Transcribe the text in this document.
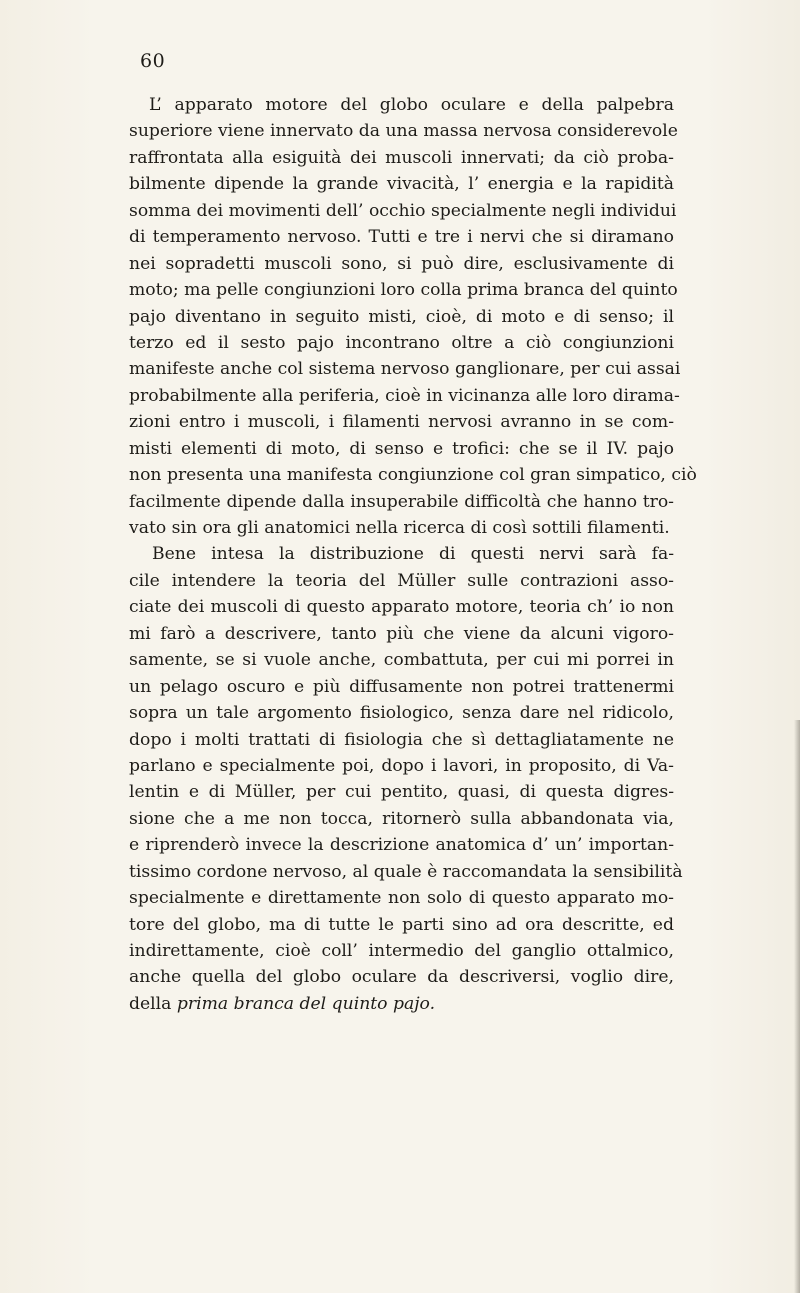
60
L’ apparato motore del globo oculare e della palpebra
superiore viene innervato da una massa nervosa considerevole
raffrontata alla esiguità dei muscoli innervati; da ciò proba-
bilmente dipende la grande vivacità, l’ energia e la rapidità
somma dei movimenti dell’ occhio specialmente negli individui
di temperamento nervoso. Tutti e tre i nervi che si diramano
nei sopradetti muscoli sono, si può dire, esclusivamente di
moto; ma pelle congiunzioni loro colla prima branca del quinto
pajo diventano in seguito misti, cioè, di moto e di senso; il
terzo ed il sesto pajo incontrano oltre a ciò congiunzioni
manifeste anche col sistema nervoso ganglionare, per cui assai
probabilmente alla periferia, cioè in vicinanza alle loro dirama-
zioni entro i muscoli, i filamenti nervosi avranno in se com-
misti elementi di moto, di senso e trofici: che se il IV. pajo
non presenta una manifesta congiunzione col gran simpatico, ciò
facilmente dipende dalla insuperabile difficoltà che hanno tro-
vato sin ora gli anatomici nella ricerca di così sottili filamenti.
Bene intesa la distribuzione di questi nervi sarà fa-
cile intendere la teoria del Müller sulle contrazioni asso-
ciate dei muscoli di questo apparato motore, teoria ch’ io non
mi farò a descrivere, tanto più che viene da alcuni vigoro-
samente, se si vuole anche, combattuta, per cui mi porrei in
un pelago oscuro e più diffusamente non potrei trattenermi
sopra un tale argomento fisiologico, senza dare nel ridicolo,
dopo i molti trattati di fisiologia che sì dettagliatamente ne
parlano e specialmente poi, dopo i lavori, in proposito, di Va-
lentin e di Müller, per cui pentito, quasi, di questa digres-
sione che a me non tocca, ritornerò sulla abbandonata via,
e riprenderò invece la descrizione anatomica d’ un’ importan-
tissimo cordone nervoso, al quale è raccomandata la sensibilità
specialmente e direttamente non solo di questo apparato mo-
tore del globo, ma di tutte le parti sino ad ora descritte, ed
indirettamente, cioè coll’ intermedio del ganglio ottalmico,
anche quella del globo oculare da descriversi, voglio dire,
della prima branca del quinto pajo.
